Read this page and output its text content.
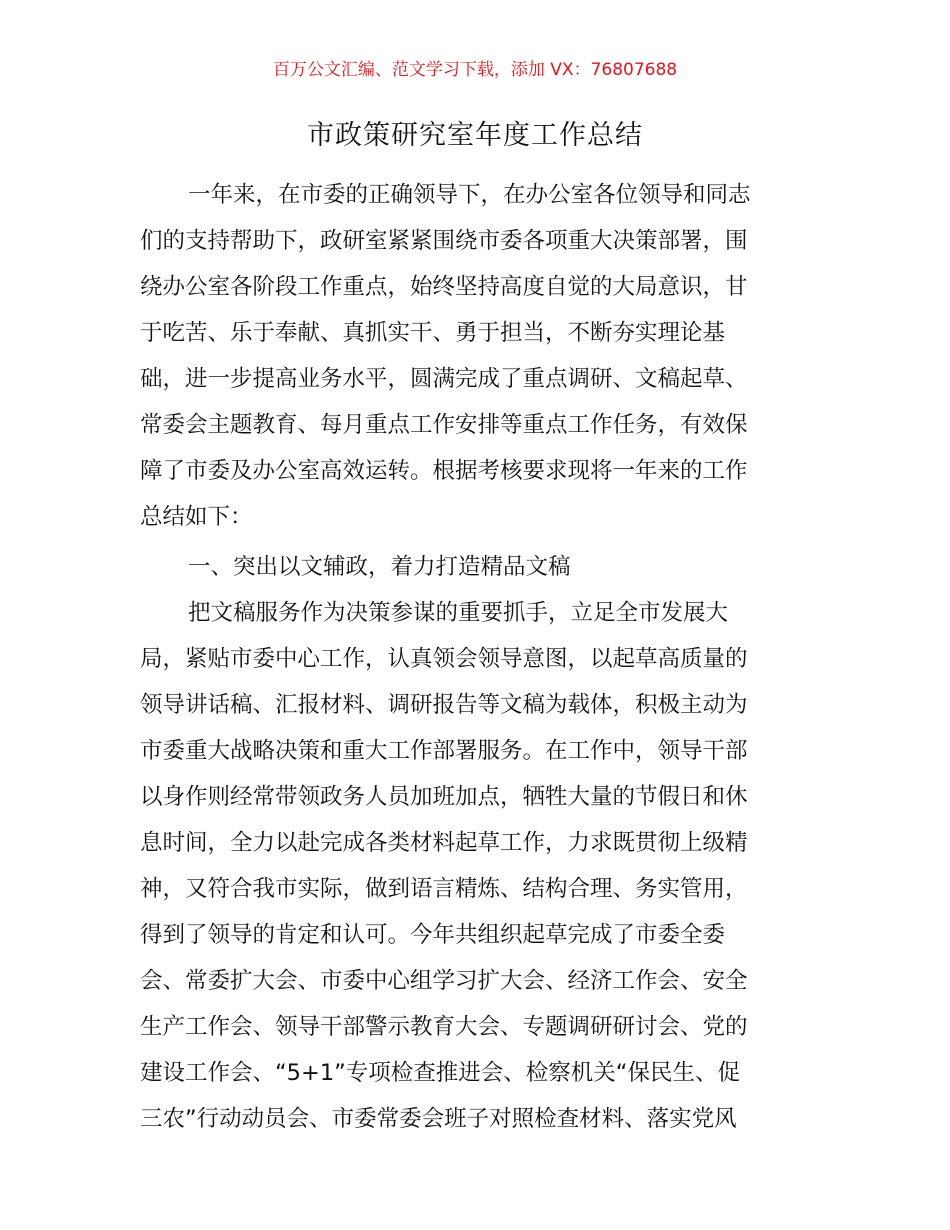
百万公文汇编、范文学习下载，添加 VX：76807688
市政策研究室年度工作总结
一年来，在市委的正确领导下，在办公室各位领导和同志
们的支持帮助下，政研室紧紧围绕市委各项重大决策部署，围
绕办公室各阶段工作重点，始终坚持高度自觉的大局意识，甘
于吃苦、乐于奉献、真抓实干、勇于担当，不断夯实理论基
础，进一步提高业务水平，圆满完成了重点调研、文稿起草、
常委会主题教育、每月重点工作安排等重点工作任务，有效保
障了市委及办公室高效运转。根据考核要求现将一年来的工作
总结如下：
一、突出以文辅政，着力打造精品文稿
把文稿服务作为决策参谋的重要抓手，立足全市发展大
局，紧贴市委中心工作，认真领会领导意图，以起草高质量的
领导讲话稿、汇报材料、调研报告等文稿为载体，积极主动为
市委重大战略决策和重大工作部署服务。在工作中，领导干部
以身作则经常带领政务人员加班加点，牺牲大量的节假日和休
息时间，全力以赴完成各类材料起草工作，力求既贯彻上级精
神，又符合我市实际，做到语言精炼、结构合理、务实管用，
得到了领导的肯定和认可。今年共组织起草完成了市委全委
会、常委扩大会、市委中心组学习扩大会、经济工作会、安全
生产工作会、领导干部警示教育大会、专题调研研讨会、党的
建设工作会、“5+1”专项检查推进会、检察机关“保民生、促
三农”行动动员会、市委常委会班子对照检查材料、落实党风
